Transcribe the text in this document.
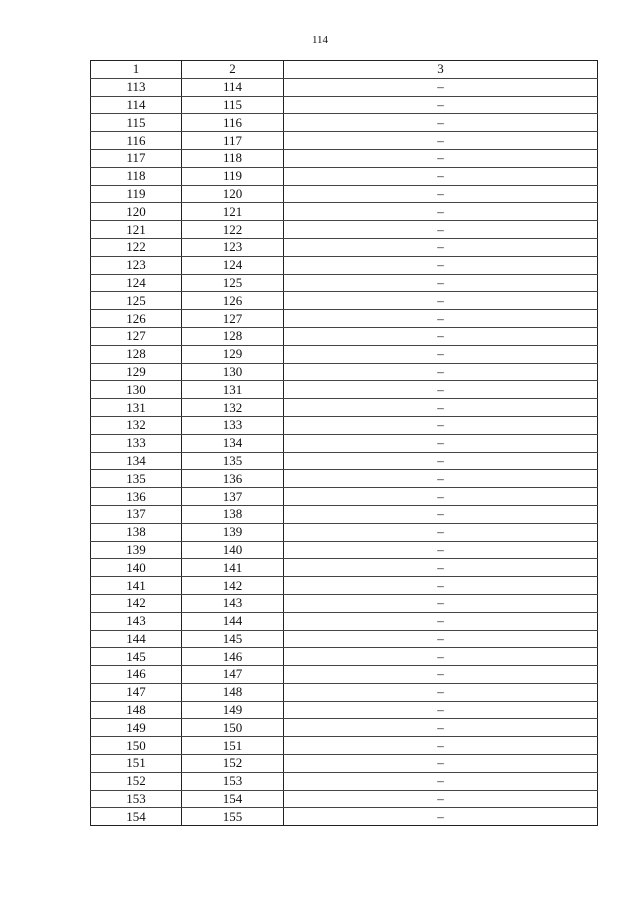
114
1	2	3
113	114	–
114	115	–
115	116	–
116	117	–
117	118	–
118	119	–
119	120	–
120	121	–
121	122	–
122	123	–
123	124	–
124	125	–
125	126	–
126	127	–
127	128	–
128	129	–
129	130	–
130	131	–
131	132	–
132	133	–
133	134	–
134	135	–
135	136	–
136	137	–
137	138	–
138	139	–
139	140	–
140	141	–
141	142	–
142	143	–
143	144	–
144	145	–
145	146	–
146	147	–
147	148	–
148	149	–
149	150	–
150	151	–
151	152	–
152	153	–
153	154	–
154	155	–
